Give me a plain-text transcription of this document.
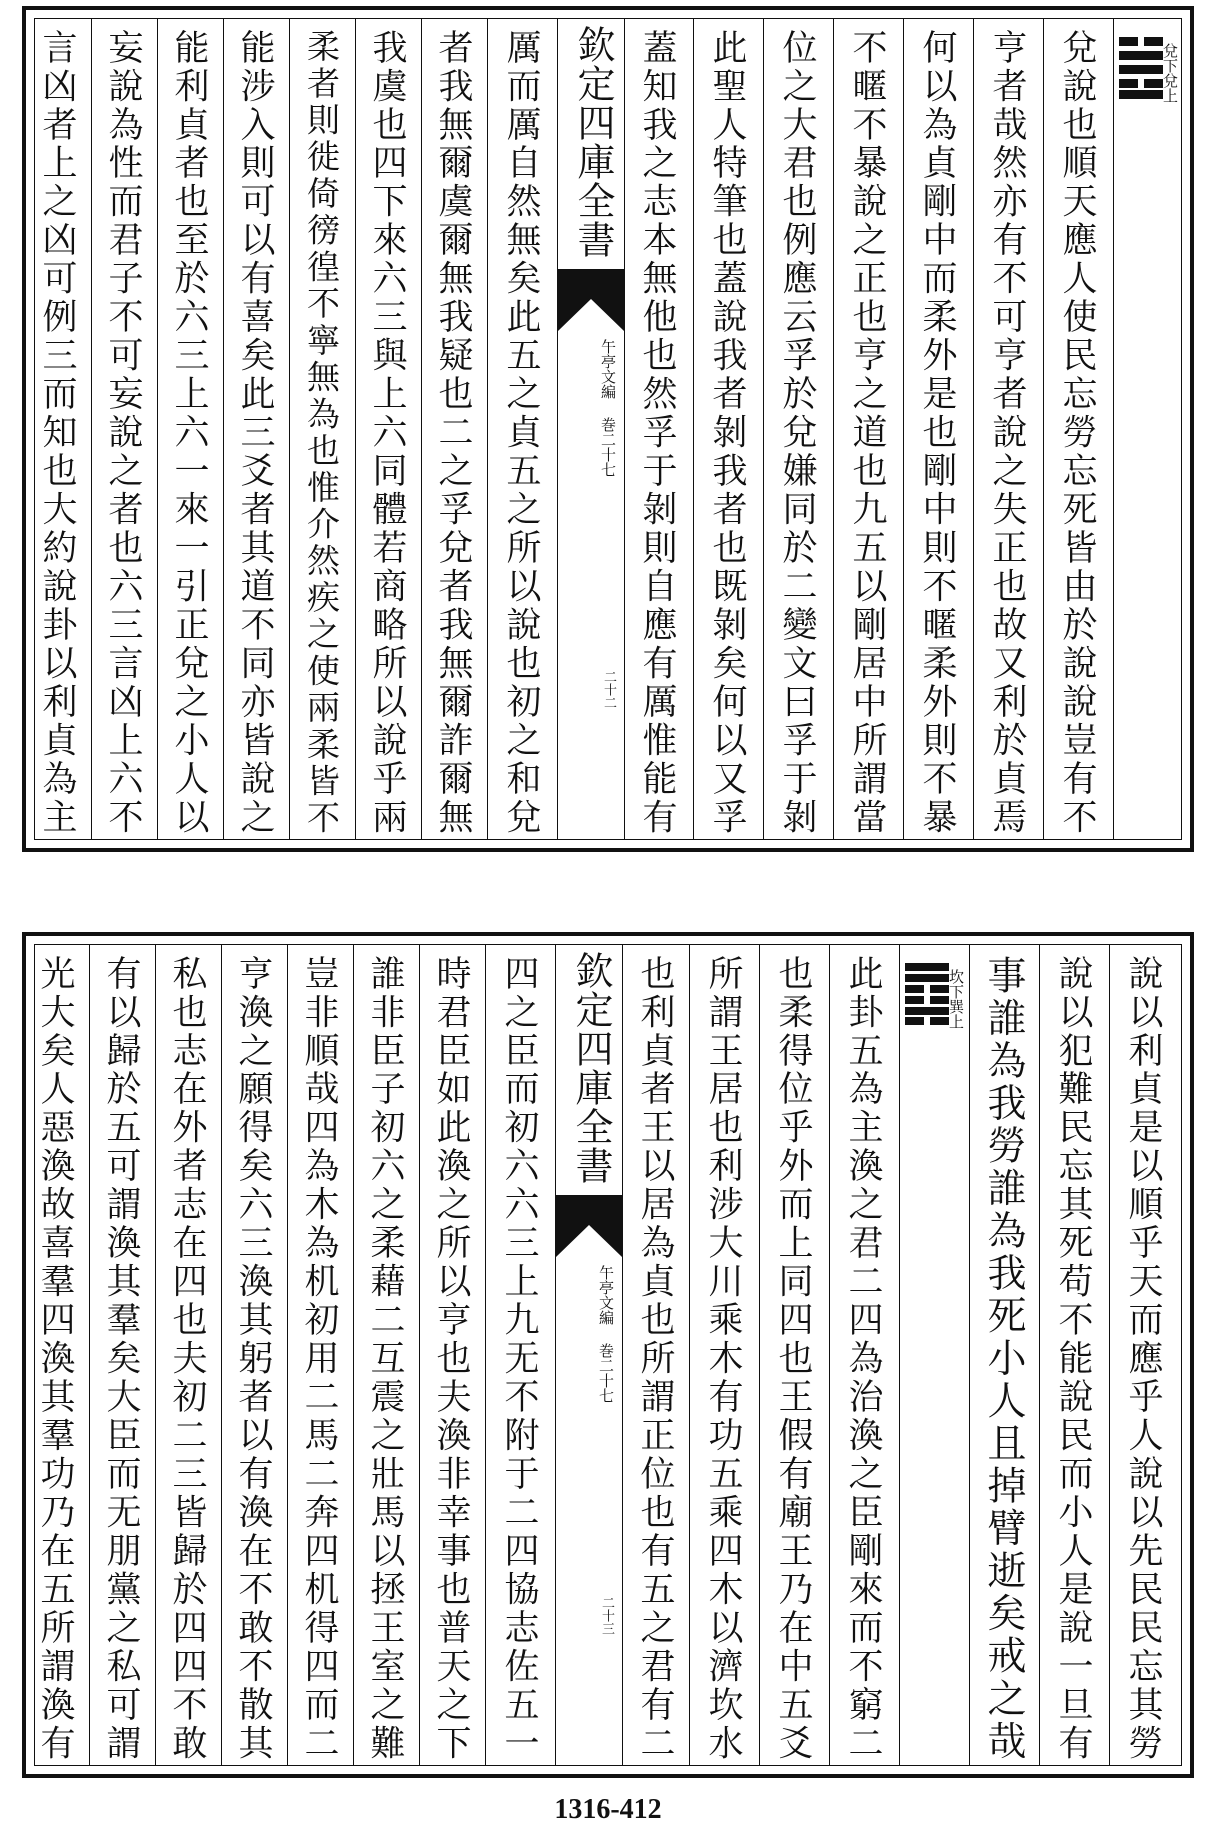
兌下兌上
兌說也順天應人使民忘勞忘死皆由於說說豈有不
亨者哉然亦有不可亨者說之失正也故又利於貞焉
何以為貞剛中而柔外是也剛中則不暱柔外則不暴
不暱不暴說之正也亨之道也九五以剛居中所謂當
位之大君也例應云孚於兌嫌同於二變文曰孚于剝
此聖人特筆也蓋說我者剝我者也既剝矣何以又孚
蓋知我之志本無他也然孚于剝則自應有厲惟能有
欽定四庫全書
午亭文編 巻二十七
二十二
厲而厲自然無矣此五之貞五之所以說也初之和兌
者我無爾虞爾無我疑也二之孚兌者我無爾詐爾無
我虞也四下來六三與上六同體若商略所以說乎兩
柔者則徙倚徬徨不寧無為也惟介然疾之使兩柔皆不
能涉入則可以有喜矣此三爻者其道不同亦皆說之
能利貞者也至於六三上六一來一引正兌之小人以
妄說為性而君子不可妄說之者也六三言凶上六不
言凶者上之凶可例三而知也大約說卦以利貞為主
說以利貞是以順乎天而應乎人說以先民民忘其勞
說以犯難民忘其死苟不能說民而小人是說一旦有
事誰為我勞誰為我死小人且掉臂逝矣戒之哉
坎下巽上
此卦五為主渙之君二四為治渙之臣剛來而不窮二
也柔得位乎外而上同四也王假有廟王乃在中五爻
所謂王居也利涉大川乘木有功五乘四木以濟坎水
也利貞者王以居為貞也所謂正位也有五之君有二
欽定四庫全書
午亭文編 巻二十七
二十三
四之臣而初六六三上九无不附于二四協志佐五一
時君臣如此渙之所以亨也夫渙非幸事也普天之下
誰非臣子初六之柔藉二互震之壯馬以拯王室之難
豈非順哉四為木為机初用二馬二奔四机得四而二
亨渙之願得矣六三渙其躬者以有渙在不敢不散其
私也志在外者志在四也夫初二三皆歸於四四不敢
有以歸於五可謂渙其羣矣大臣而无朋黨之私可謂
光大矣人惡渙故喜羣四渙其羣功乃在五所謂渙有
1316-412
